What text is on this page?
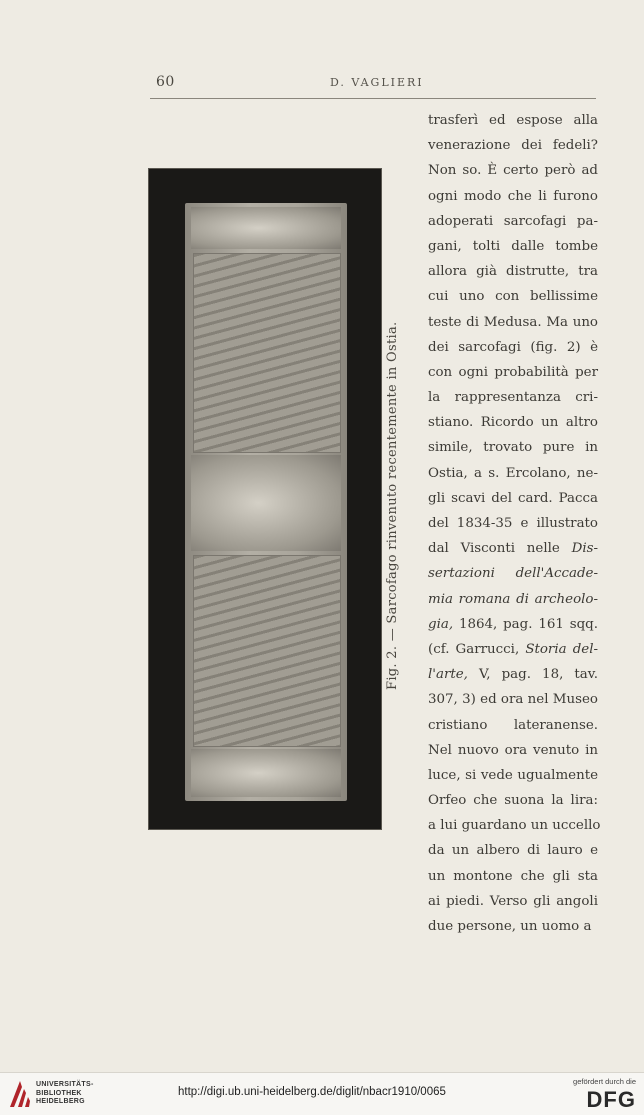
60	D. VAGLIERI
Fig. 2. — Sarcofago rinvenuto recentemente in Ostia.
trasferì ed espose alla
venerazione dei fedeli?
Non so. È certo però ad
ogni modo che li furono
adoperati sarcofagi pa-
gani, tolti dalle tombe
allora già distrutte, tra
cui uno con bellissime
teste di Medusa. Ma uno
dei sarcofagi (fig. 2) è
con ogni probabilità per
la rappresentanza cri-
stiano. Ricordo un altro
simile, trovato pure in
Ostia, a s. Ercolano, ne-
gli scavi del card. Pacca
del 1834-35 e illustrato
dal Visconti nelle Dis-
sertazioni dell'Accade-
mia romana di archeolo-
gia, 1864, pag. 161 sqq.
(cf. Garrucci, Storia del-
l'arte, V, pag. 18, tav.
307, 3) ed ora nel Museo
cristiano lateranense.
Nel nuovo ora venuto in
luce, si vede ugualmente
Orfeo che suona la lira:
a lui guardano un uccello
da un albero di lauro e
un montone che gli sta
ai piedi. Verso gli angoli
due persone, un uomo a
UNIVERSITÄTS-
BIBLIOTHEK
HEIDELBERG
http://digi.ub.uni-heidelberg.de/diglit/nbacr1910/0065
gefördert durch die
DFG
